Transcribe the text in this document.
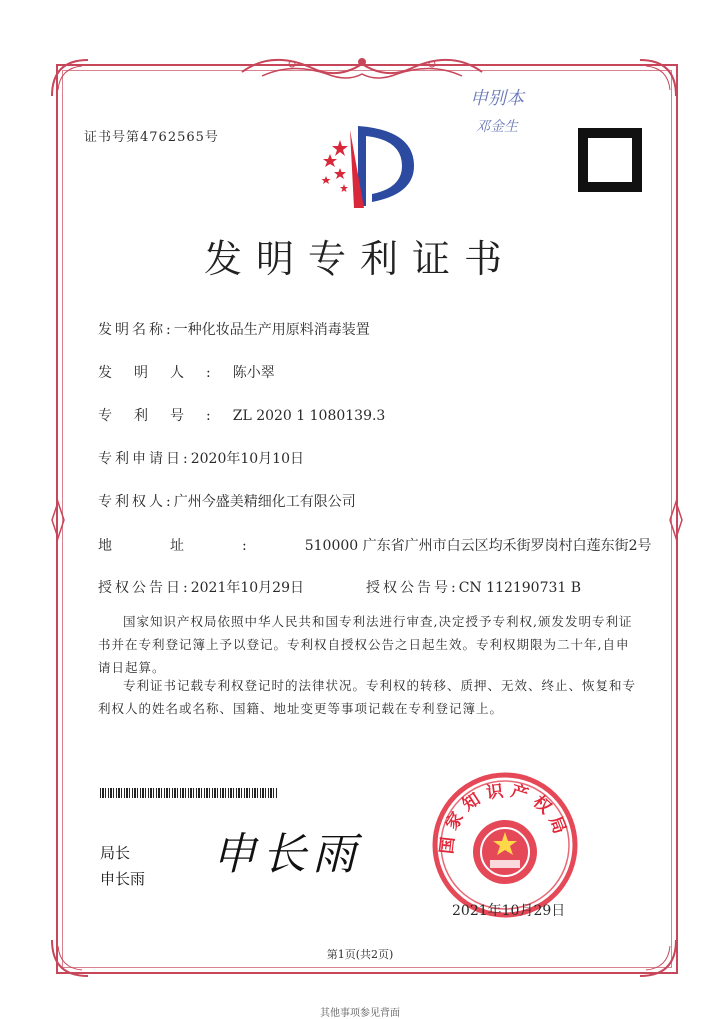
证书号第4762565号
申别本
邓金生
发明专利证书
发明名称:一种化妆品生产用原料消毒装置
发明人:陈小翠
专利号:ZL 2020 1 1080139.3
专利申请日:2020年10月10日
专利权人:广州今盛美精细化工有限公司
地址:510000 广东省广州市白云区均禾街罗岗村白莲东街2号
授权公告日:2021年10月29日	授权公告号:CN 112190731 B
国家知识产权局依照中华人民共和国专利法进行审查,决定授予专利权,颁发发明专利证书并在专利登记簿上予以登记。专利权自授权公告之日起生效。专利权期限为二十年,自申请日起算。
专利证书记载专利权登记时的法律状况。专利权的转移、质押、无效、终止、恢复和专利权人的姓名或名称、国籍、地址变更等事项记载在专利登记簿上。
局长
申长雨 申长雨	国家知识产权局
2021年10月29日
第1页(共2页)
其他事项参见背面
